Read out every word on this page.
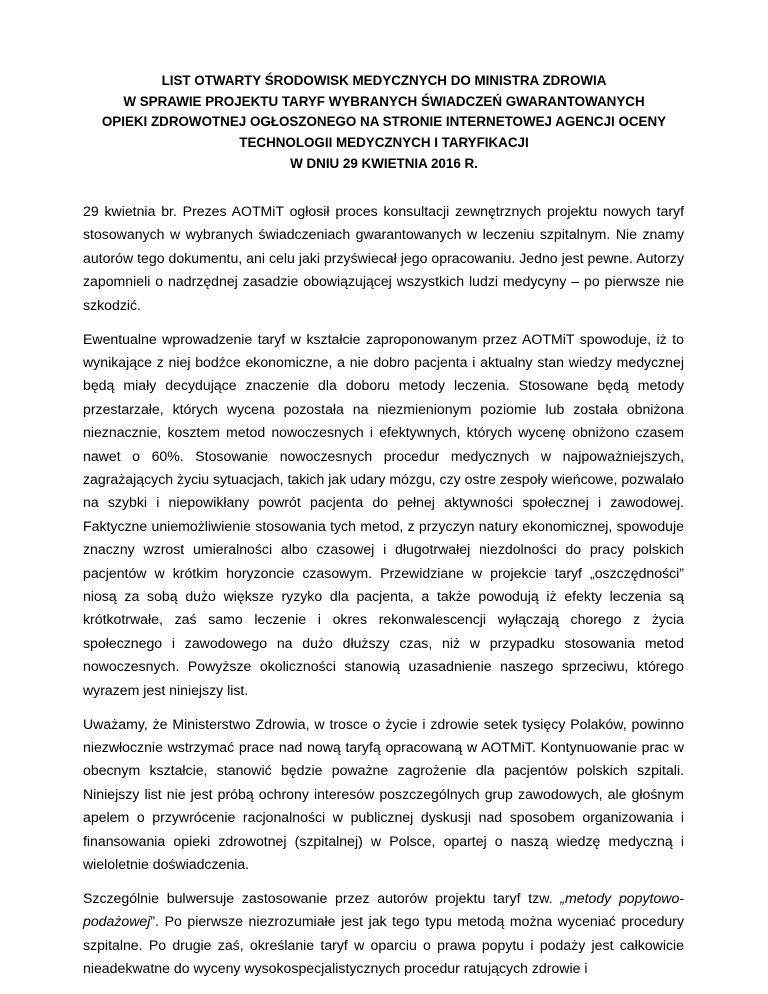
LIST OTWARTY ŚRODOWISK MEDYCZNYCH DO MINISTRA ZDROWIA
W SPRAWIE PROJEKTU TARYF WYBRANYCH ŚWIADCZEŃ GWARANTOWANYCH
OPIEKI ZDROWOTNEJ OGŁOSZONEGO NA STRONIE INTERNETOWEJ AGENCJI OCENY
TECHNOLOGII MEDYCZNYCH I TARYFIKACJI
W DNIU 29 KWIETNIA 2016 R.

29 kwietnia br. Prezes AOTMiT ogłosił proces konsultacji zewnętrznych projektu nowych taryf stosowanych w wybranych świadczeniach gwarantowanych w leczeniu szpitalnym. Nie znamy autorów tego dokumentu, ani celu jaki przyświecał jego opracowaniu. Jedno jest pewne. Autorzy zapomnieli o nadrzędnej zasadzie obowiązującej wszystkich ludzi medycyny – po pierwsze nie szkodzić.

Ewentualne wprowadzenie taryf w kształcie zaproponowanym przez AOTMiT spowoduje, iż to wynikające z niej bodźce ekonomiczne, a nie dobro pacjenta i aktualny stan wiedzy medycznej będą miały decydujące znaczenie dla doboru metody leczenia. Stosowane będą metody przestarzałe, których wycena pozostała na niezmienionym poziomie lub została obniżona nieznacznie, kosztem metod nowoczesnych i efektywnych, których wycenę obniżono czasem nawet o 60%. Stosowanie nowoczesnych procedur medycznych w najpoważniejszych, zagrażających życiu sytuacjach, takich jak udary mózgu, czy ostre zespoły wieńcowe, pozwalało na szybki i niepowikłany powrót pacjenta do pełnej aktywności społecznej i zawodowej. Faktyczne uniemożliwienie stosowania tych metod, z przyczyn natury ekonomicznej, spowoduje znaczny wzrost umieralności albo czasowej i długotrwałej niezdolności do pracy polskich pacjentów w krótkim horyzoncie czasowym. Przewidziane w projekcie taryf „oszczędności” niosą za sobą dużo większe ryzyko dla pacjenta, a także powodują iż efekty leczenia są krótkotrwałe, zaś samo leczenie i okres rekonwalescencji wyłączają chorego z życia społecznego i zawodowego na dużo dłuższy czas, niż w przypadku stosowania metod nowoczesnych. Powyższe okoliczności stanowią uzasadnienie naszego sprzeciwu, którego wyrazem jest niniejszy list.

Uważamy, że Ministerstwo Zdrowia, w trosce o życie i zdrowie setek tysięcy Polaków, powinno niezwłocznie wstrzymać prace nad nową taryfą opracowaną w AOTMiT. Kontynuowanie prac w obecnym kształcie, stanowić będzie poważne zagrożenie dla pacjentów polskich szpitali. Niniejszy list nie jest próbą ochrony interesów poszczególnych grup zawodowych, ale głośnym apelem o przywrócenie racjonalności w publicznej dyskusji nad sposobem organizowania i finansowania opieki zdrowotnej (szpitalnej) w Polsce, opartej o naszą wiedzę medyczną i wieloletnie doświadczenia.

Szczególnie bulwersuje zastosowanie przez autorów projektu taryf tzw. „metody popytowo-podażowej”. Po pierwsze niezrozumiałe jest jak tego typu metodą można wyceniać procedury szpitalne. Po drugie zaś, określanie taryf w oparciu o prawa popytu i podaży jest całkowicie nieadekwatne do wyceny wysokospecjalistycznych procedur ratujących zdrowie i
